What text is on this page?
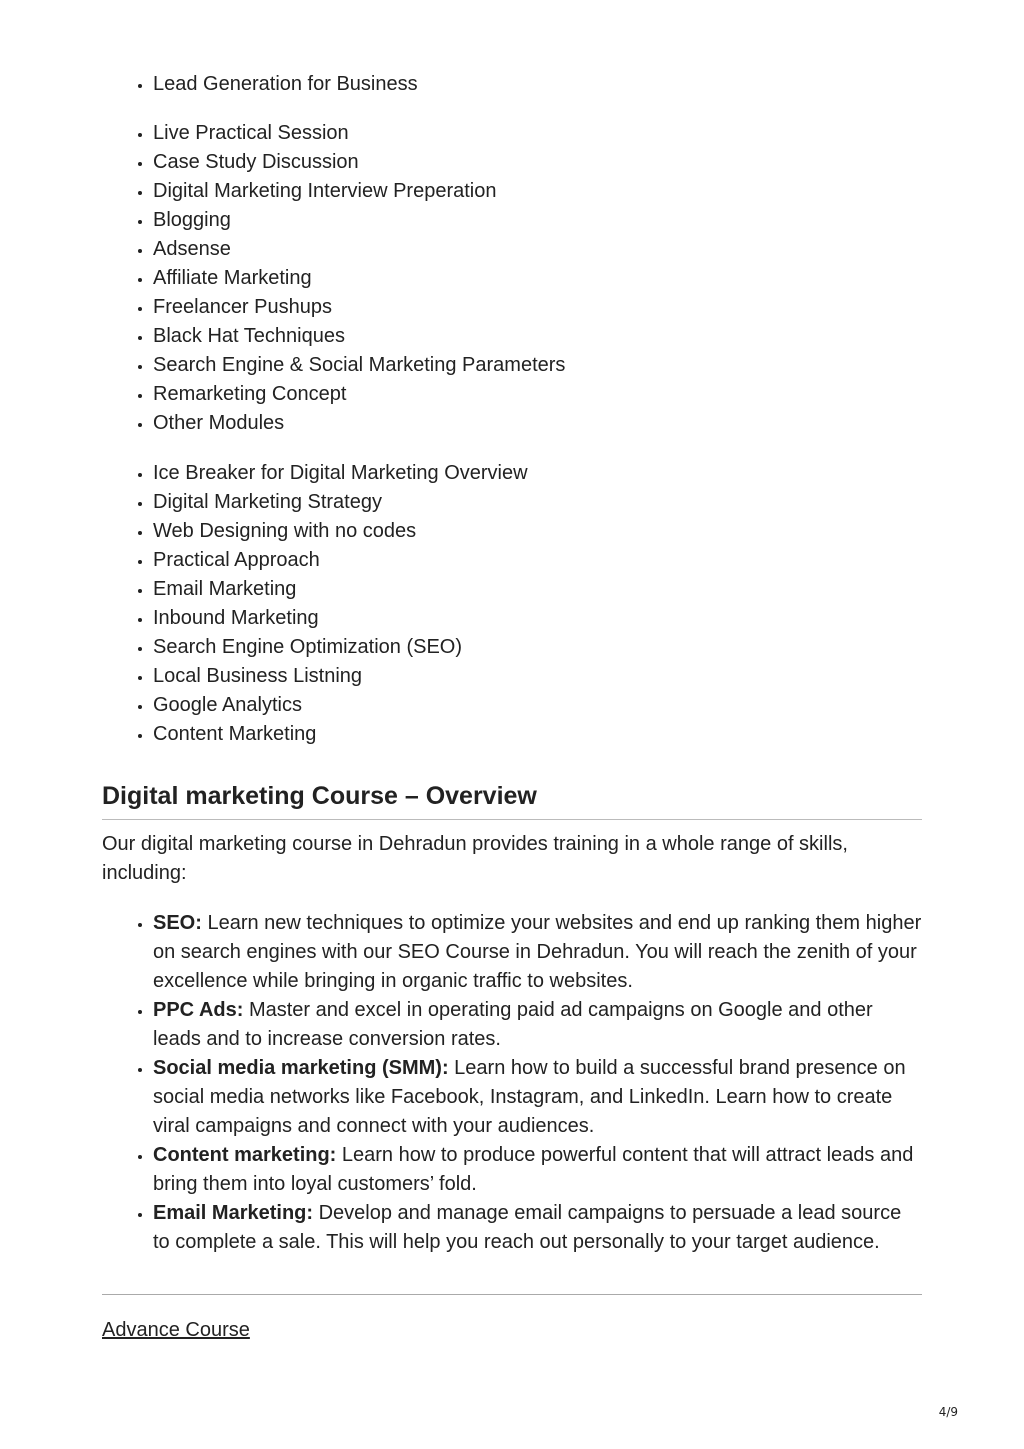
• Lead Generation for Business
• Live Practical Session
• Case Study Discussion
• Digital Marketing Interview Preperation
• Blogging
• Adsense
• Affiliate Marketing
• Freelancer Pushups
• Black Hat Techniques
• Search Engine & Social Marketing Parameters
• Remarketing Concept
• Other Modules
• Ice Breaker for Digital Marketing Overview
• Digital Marketing Strategy
• Web Designing with no codes
• Practical Approach
• Email Marketing
• Inbound Marketing
• Search Engine Optimization (SEO)
• Local Business Listning
• Google Analytics
• Content Marketing
Digital marketing Course – Overview

Our digital marketing course in Dehradun provides training in a whole range of skills, including:

• SEO: Learn new techniques to optimize your websites and end up ranking them higher on search engines with our SEO Course in Dehradun. You will reach the zenith of your excellence while bringing in organic traffic to websites.
• PPC Ads: Master and excel in operating paid ad campaigns on Google and other leads and to increase conversion rates.
• Social media marketing (SMM): Learn how to build a successful brand presence on social media networks like Facebook, Instagram, and LinkedIn. Learn how to create viral campaigns and connect with your audiences.
• Content marketing: Learn how to produce powerful content that will attract leads and bring them into loyal customers’ fold.
• Email Marketing: Develop and manage email campaigns to persuade a lead source to complete a sale. This will help you reach out personally to your target audience.
Advance Course
4/9
